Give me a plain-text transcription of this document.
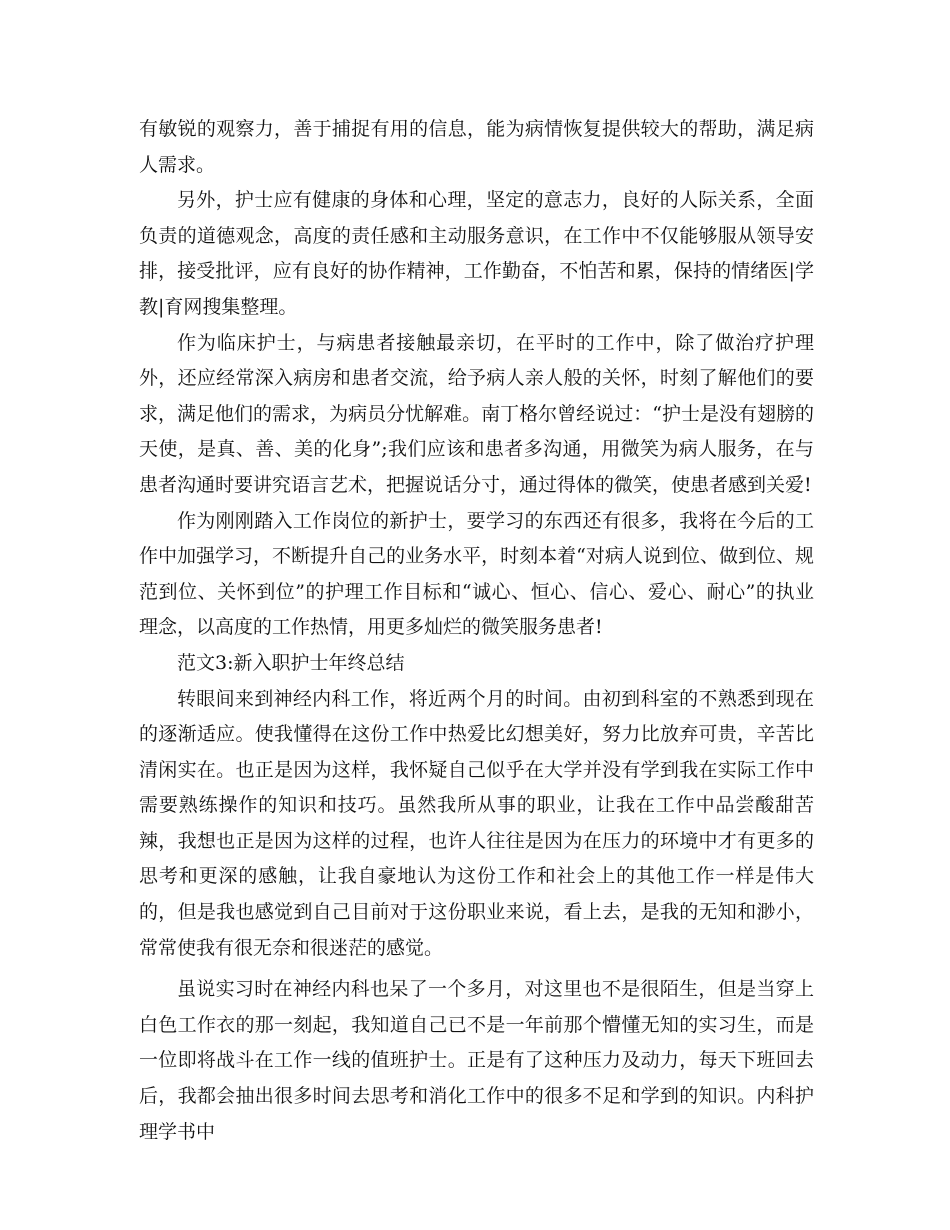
有敏锐的观察力，善于捕捉有用的信息，能为病情恢复提供较大的帮助，满足病人需求。

另外，护士应有健康的身体和心理，坚定的意志力，良好的人际关系，全面负责的道德观念，高度的责任感和主动服务意识，在工作中不仅能够服从领导安排，接受批评，应有良好的协作精神，工作勤奋，不怕苦和累，保持的情绪医|学教|育网搜集整理。

作为临床护士，与病患者接触最亲切，在平时的工作中，除了做治疗护理外，还应经常深入病房和患者交流，给予病人亲人般的关怀，时刻了解他们的要求，满足他们的需求，为病员分忧解难。南丁格尔曾经说过：“护士是没有翅膀的天使，是真、善、美的化身”;我们应该和患者多沟通，用微笑为病人服务，在与患者沟通时要讲究语言艺术，把握说话分寸，通过得体的微笑，使患者感到关爱!

作为刚刚踏入工作岗位的新护士，要学习的东西还有很多，我将在今后的工作中加强学习，不断提升自己的业务水平，时刻本着“对病人说到位、做到位、规范到位、关怀到位”的护理工作目标和“诚心、恒心、信心、爱心、耐心”的执业理念，以高度的工作热情，用更多灿烂的微笑服务患者!

范文3:新入职护士年终总结

转眼间来到神经内科工作，将近两个月的时间。由初到科室的不熟悉到现在的逐渐适应。使我懂得在这份工作中热爱比幻想美好，努力比放弃可贵，辛苦比清闲实在。也正是因为这样，我怀疑自己似乎在大学并没有学到我在实际工作中需要熟练操作的知识和技巧。虽然我所从事的职业，让我在工作中品尝酸甜苦辣，我想也正是因为这样的过程，也许人往往是因为在压力的环境中才有更多的思考和更深的感触，让我自豪地认为这份工作和社会上的其他工作一样是伟大的，但是我也感觉到自己目前对于这份职业来说，看上去，是我的无知和渺小，常常使我有很无奈和很迷茫的感觉。

虽说实习时在神经内科也呆了一个多月，对这里也不是很陌生，但是当穿上白色工作衣的那一刻起，我知道自己已不是一年前那个懵懂无知的实习生，而是一位即将战斗在工作一线的值班护士。正是有了这种压力及动力，每天下班回去后，我都会抽出很多时间去思考和消化工作中的很多不足和学到的知识。内科护理学书中
